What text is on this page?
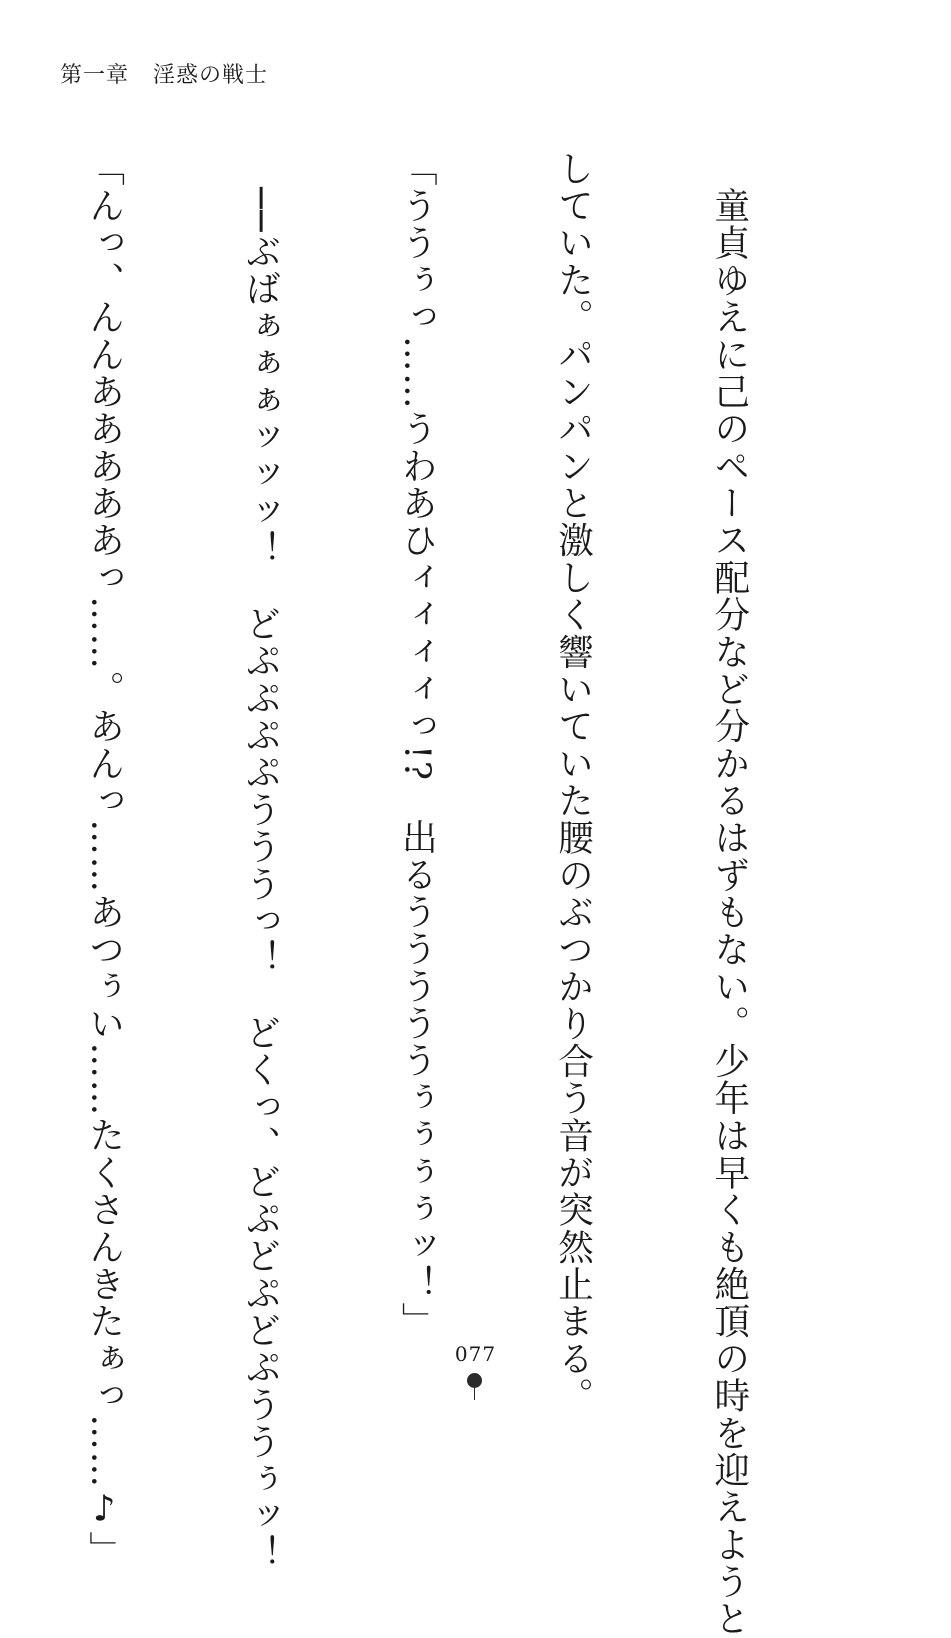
第一章 淫惑の戦士

　童貞ゆえに己のペース配分など分かるはずもない。少年は早くも絶頂の時を迎えようと

していた。パンパンと激しく響いていた腰のぶつかり合う音が突然止まる。

「ううぅっ……うわあひィィィィっ!?　出るうううううぅぅぅぅッ！」

　──ぶばぁぁぁッッッ！　どぷぷぷぷうううっ！　どくっ、どぷどぷどぷううぅッ！

「んっ、んんあああああっ……。あんっ……あつぅい……たくさんきたぁっ……♪」

	077
